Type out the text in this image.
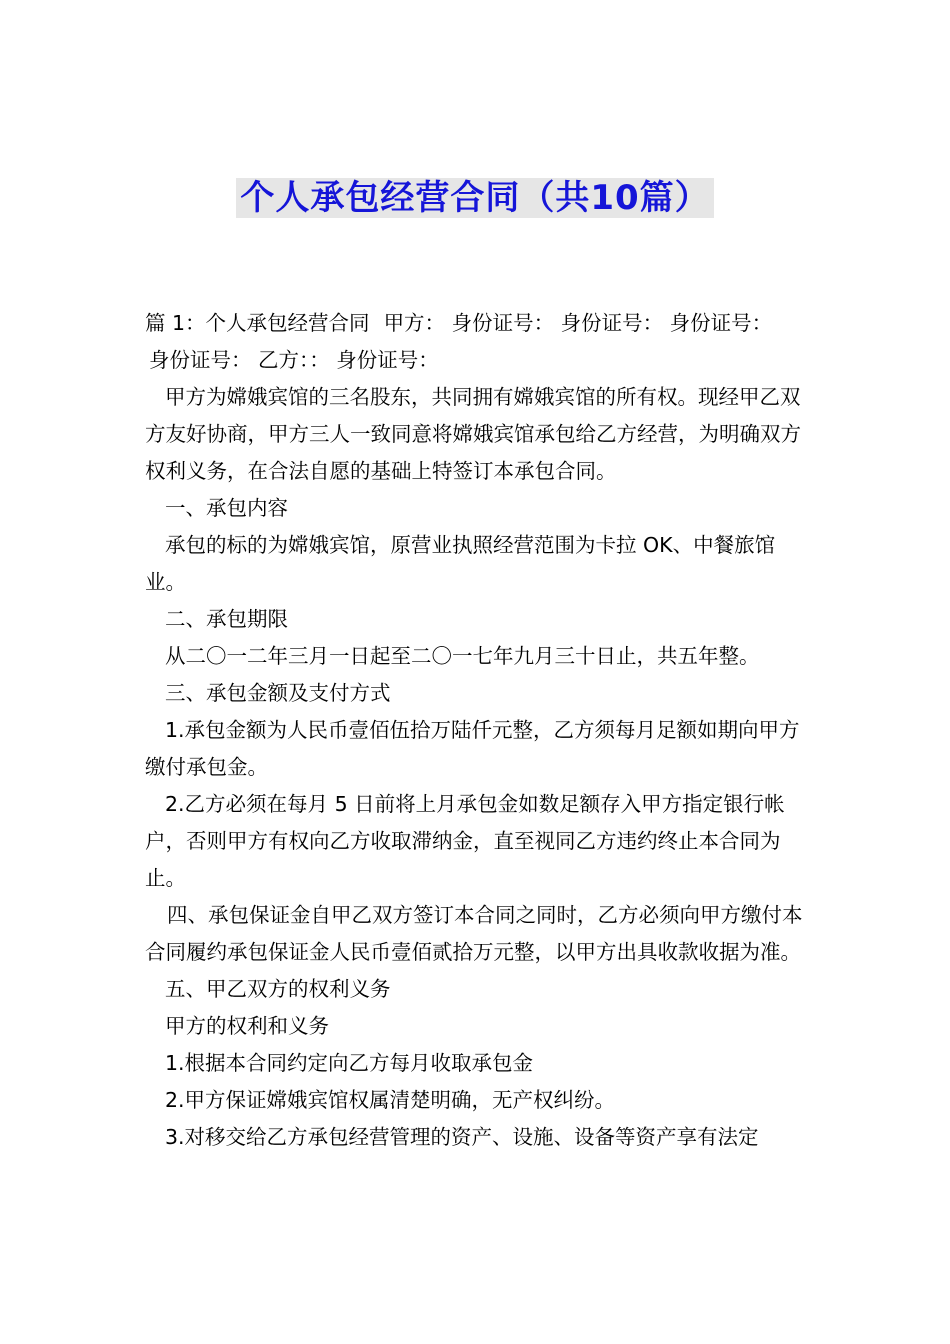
个人承包经营合同（共10篇）

篇 1：个人承包经营合同 甲方： 身份证号： 身份证号： 身份证号：

身份证号： 乙方：： 身份证号：

甲方为嫦娥宾馆的三名股东，共同拥有嫦娥宾馆的所有权。现经甲乙双方友好协商，甲方三人一致同意将嫦娥宾馆承包给乙方经营，为明确双方权利义务，在合法自愿的基础上特签订本承包合同。

一、承包内容

承包的标的为嫦娥宾馆，原营业执照经营范围为卡拉 OK、中餐旅馆业。

二、承包期限

从二〇一二年三月一日起至二〇一七年九月三十日止，共五年整。

三、承包金额及支付方式

1.承包金额为人民币壹佰伍拾万陆仟元整，乙方须每月足额如期向甲方缴付承包金。

2.乙方必须在每月 5 日前将上月承包金如数足额存入甲方指定银行帐户，否则甲方有权向乙方收取滞纳金，直至视同乙方违约终止本合同为止。

四、承包保证金自甲乙双方签订本合同之同时，乙方必须向甲方缴付本合同履约承包保证金人民币壹佰贰拾万元整，以甲方出具收款收据为准。

五、甲乙双方的权利义务

甲方的权利和义务

1.根据本合同约定向乙方每月收取承包金

2.甲方保证嫦娥宾馆权属清楚明确，无产权纠纷。

3.对移交给乙方承包经营管理的资产、设施、设备等资产享有法定
